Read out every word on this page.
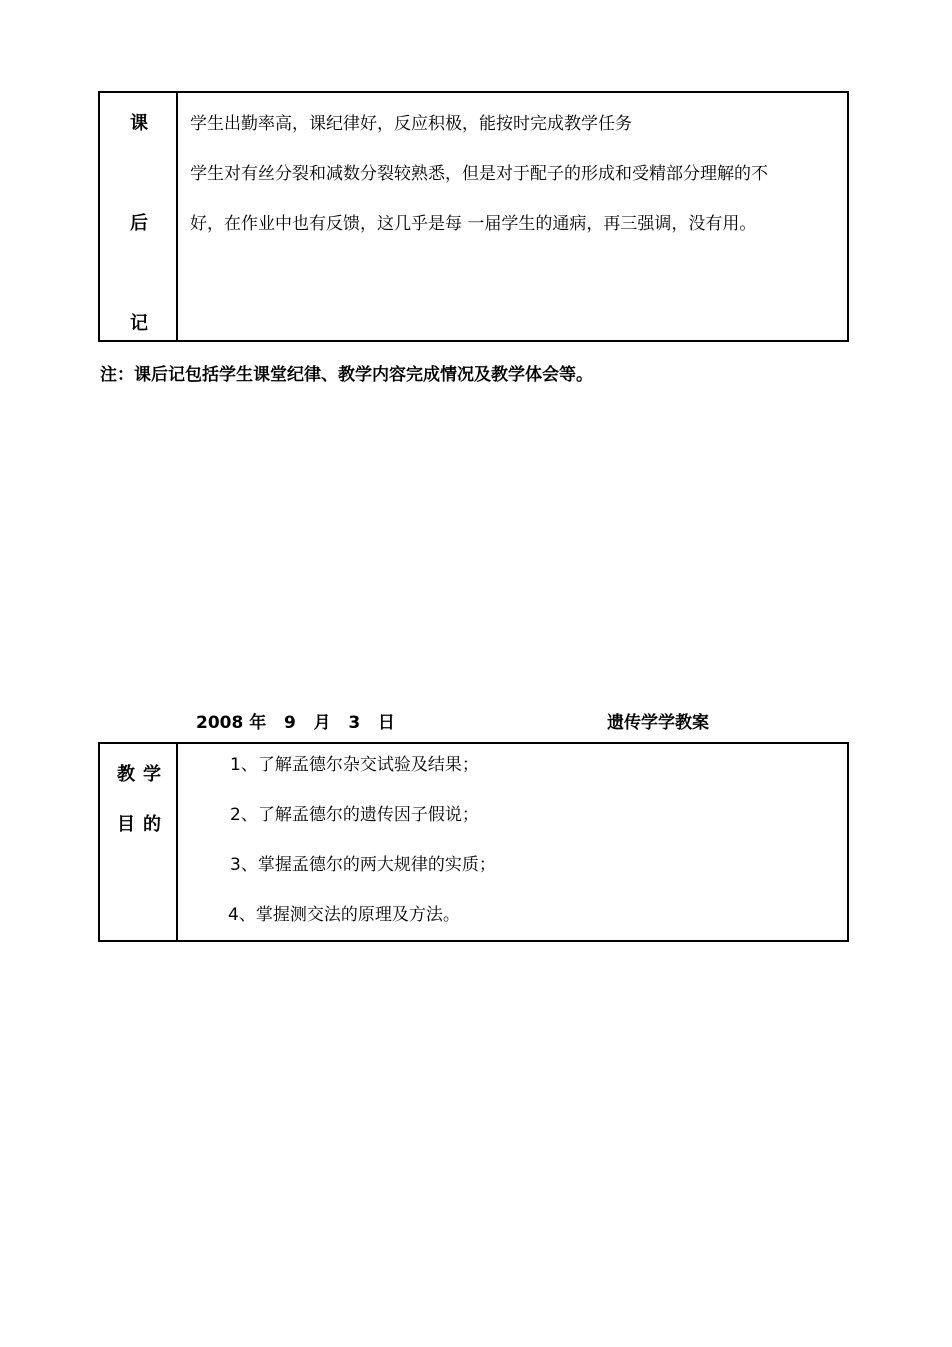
课
后
记
学生出勤率高，课纪律好，反应积极，能按时完成教学任务
学生对有丝分裂和减数分裂较熟悉，但是对于配子的形成和受精部分理解的不
好，在作业中也有反馈，这几乎是每 一届学生的通病，再三强调，没有用。
注：课后记包括学生课堂纪律、教学内容完成情况及教学体会等。
2008 年   9   月   3   日	遗传学学教案
教学
目的
1、了解孟德尔杂交试验及结果；
2、了解孟德尔的遗传因子假说；
3、掌握孟德尔的两大规律的实质；
4、掌握测交法的原理及方法。
